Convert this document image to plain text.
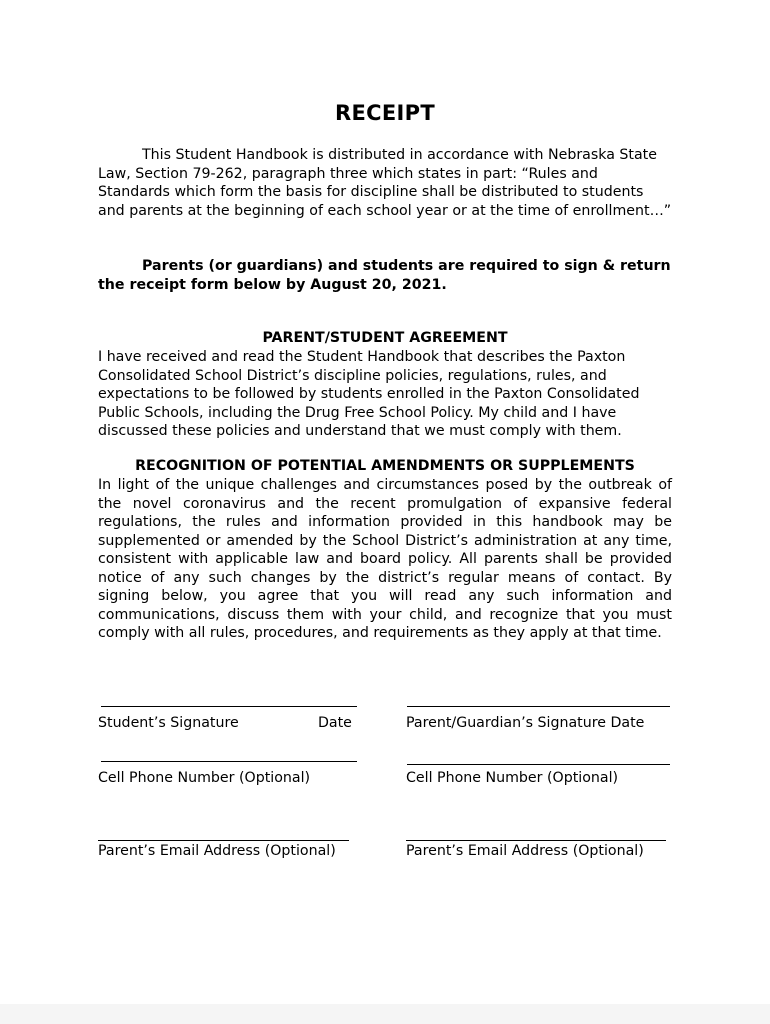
RECEIPT
This Student Handbook is distributed in accordance with Nebraska State Law, Section 79-262, paragraph three which states in part: “Rules and Standards which form the basis for discipline shall be distributed to students and parents at the beginning of each school year or at the time of enrollment…”
Parents (or guardians) and students are required to sign & return the receipt form below by August 20, 2021.
PARENT/STUDENT AGREEMENT
I have received and read the Student Handbook that describes the Paxton Consolidated School District’s discipline policies, regulations, rules, and expectations to be followed by students enrolled in the Paxton Consolidated Public Schools, including the Drug Free School Policy. My child and I have discussed these policies and understand that we must comply with them.
RECOGNITION OF POTENTIAL AMENDMENTS OR SUPPLEMENTS
In light of the unique challenges and circumstances posed by the outbreak of the novel coronavirus and the recent promulgation of expansive federal regulations, the rules and information provided in this handbook may be supplemented or amended by the School District’s administration at any time, consistent with applicable law and board policy. All parents shall be provided notice of any such changes by the district’s regular means of contact. By signing below, you agree that you will read any such information and communications, discuss them with your child, and recognize that you must comply with all rules, procedures, and requirements as they apply at that time.
Student’s Signature	Date	Parent/Guardian’s Signature Date
Cell Phone Number (Optional)	Cell Phone Number (Optional)
Parent’s Email Address (Optional)	Parent’s Email Address (Optional)
